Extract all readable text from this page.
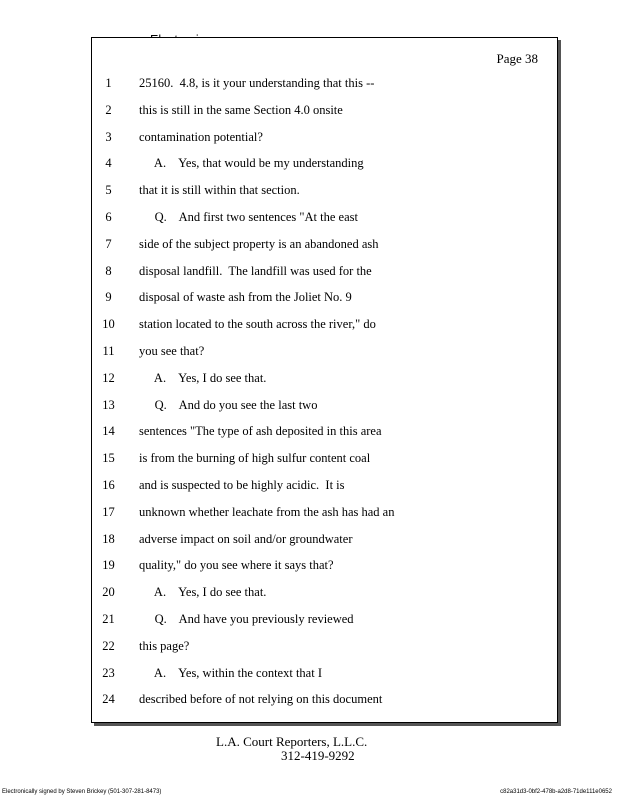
Page 38
1	25160.  4.8, is it your understanding that this --
2	this is still in the same Section 4.0 onsite
3	contamination potential?
4	A.    Yes, that would be my understanding
5	that it is still within that section.
6	Q.    And first two sentences "At the east
7	side of the subject property is an abandoned ash
8	disposal landfill.  The landfill was used for the
9	disposal of waste ash from the Joliet No. 9
10	station located to the south across the river," do
11	you see that?
12	A.    Yes, I do see that.
13	Q.    And do you see the last two
14	sentences "The type of ash deposited in this area
15	is from the burning of high sulfur content coal
16	and is suspected to be highly acidic.  It is
17	unknown whether leachate from the ash has had an
18	adverse impact on soil and/or groundwater
19	quality," do you see where it says that?
20	A.    Yes, I do see that.
21	Q.    And have you previously reviewed
22	this page?
23	A.    Yes, within the context that I
24	described before of not relying on this document
L.A. Court Reporters, L.L.C.
312-419-9292
Electronically signed by Steven Brickey (501-307-281-8473)	c82a31d3-0bf2-478b-a2d8-71de111e0652
